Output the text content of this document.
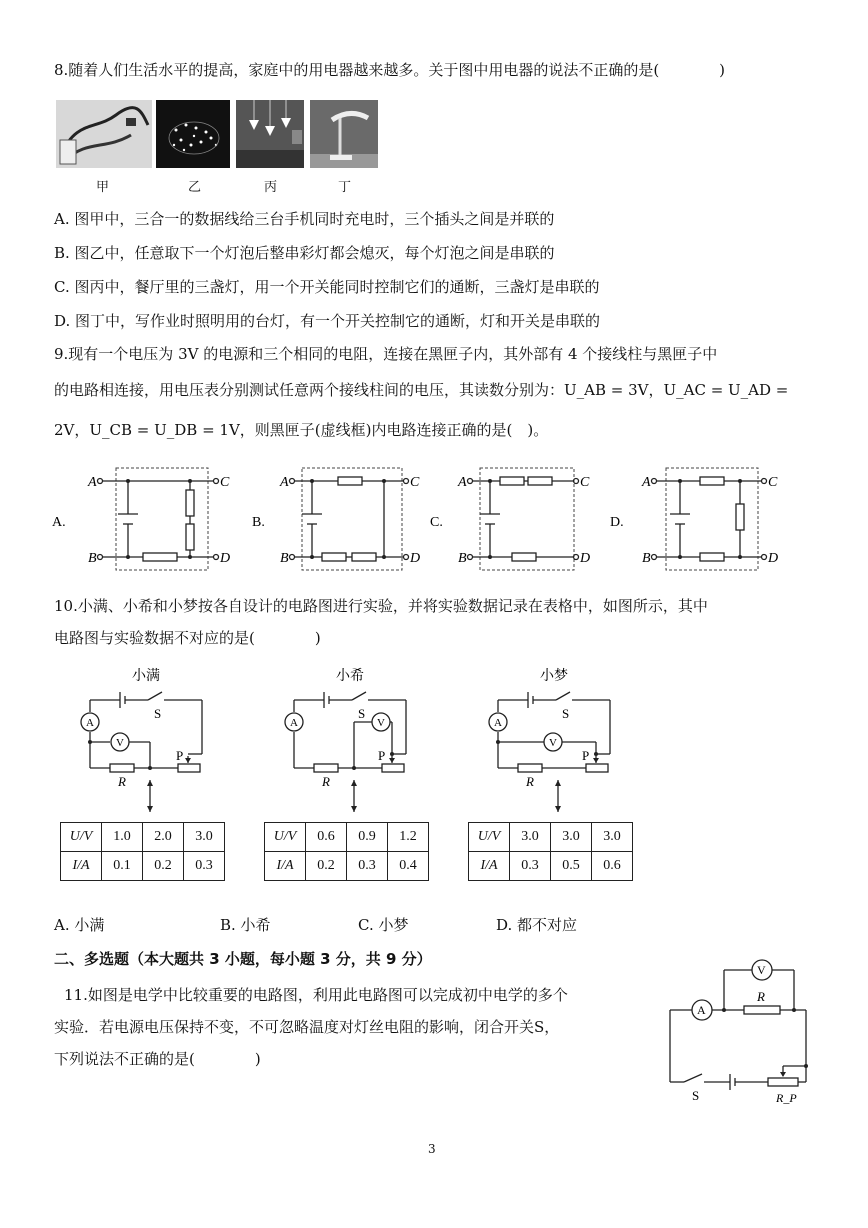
8.随着人们生活水平的提高，家庭中的用电器越来越多。关于图中用电器的说法不正确的是(　　　　)
甲	乙	丙	丁
A. 图甲中，三合一的数据线给三台手机同时充电时，三个插头之间是并联的
B. 图乙中，任意取下一个灯泡后整串彩灯都会熄灭，每个灯泡之间是串联的
C. 图丙中，餐厅里的三盏灯，用一个开关能同时控制它们的通断，三盏灯是串联的
D. 图丁中，写作业时照明用的台灯，有一个开关控制它的通断，灯和开关是串联的
9.现有一个电压为 3V 的电源和三个相同的电阻，连接在黑匣子内，其外部有 4 个接线柱与黑匣子中
的电路相连接，用电压表分别测试任意两个接线柱间的电压，其读数分别为：U_AB = 3V，U_AC = U_AD =
2V，U_CB = U_DB = 1V，则黑匣子(虚线框)内电路连接正确的是(　)。
A.
A
B
C
D
B.
A
B
C
D
C.
A
B
C
D
D.
A
B
C
D
10.小满、小希和小梦按各自设计的电路图进行实验，并将实验数据记录在表格中，如图所示，其中
电路图与实验数据不对应的是(　　　　)
小满
A
V
S
P
R
小希
A	V
S
P
R
小梦
A
V
S
P
R
U/V	1.0	2.0	3.0
I/A	0.1	0.2	0.3
U/V	0.6	0.9	1.2
I/A	0.2	0.3	0.4
U/V	3.0	3.0	3.0
I/A	0.3	0.5	0.6
A. 小满	B. 小希	C. 小梦	D. 都不对应
二、多选题（本大题共 3 小题，每小题 3 分，共 9 分）
11.如图是电学中比较重要的电路图，利用此电路图可以完成初中电学的多个
实验．若电源电压保持不变，不可忽略温度对灯丝电阻的影响，闭合开关S，
下列说法不正确的是(　　　　)
A
V
R
S	R_P
3
